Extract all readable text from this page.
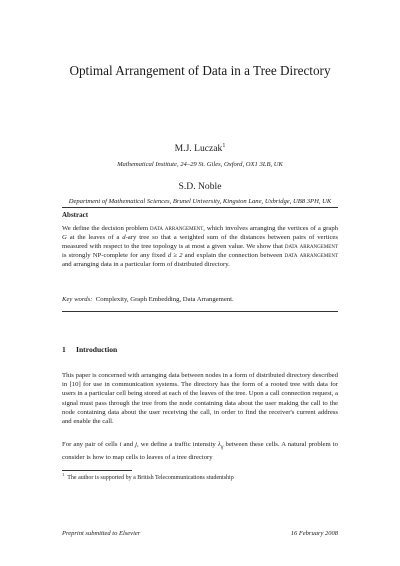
Optimal Arrangement of Data in a Tree Directory
M.J. Luczak$^1$
Mathematical Institute, 24–29 St. Giles, Oxford, OX1 3LB, UK
S.D. Noble
Department of Mathematical Sciences, Brunel University, Kingston Lane, Uxbridge, UB8 3PH, UK
Abstract
We define the decision problem data arrangement, which involves arranging the vertices of a graph G at the leaves of a d-ary tree so that a weighted sum of the distances between pairs of vertices measured with respect to the tree topology is at most a given value. We show that data arrangement is strongly NP-complete for any fixed d ≥ 2 and explain the connection between data arrangement and arranging data in a particular form of distributed directory.
Key words: Complexity, Graph Embedding, Data Arrangement.
1 Introduction

This paper is concerned with arranging data between nodes in a form of distributed directory described in [10] for use in communication systems. The directory has the form of a rooted tree with data for users in a particular cell being stored at each of the leaves of the tree. Upon a call connection request, a signal must pass through the tree from the node containing data about the user making the call to the node containing data about the user receiving the call, in order to find the receiver's current address and enable the call.

For any pair of cells i and j, we define a traffic intensity $\lambda_{ij}$ between these cells. A natural problem to consider is how to map cells to leaves of a tree directory
$^1$The author is supported by a British Telecommunications studentship
Preprint submitted to Elsevier	16 February 2008
